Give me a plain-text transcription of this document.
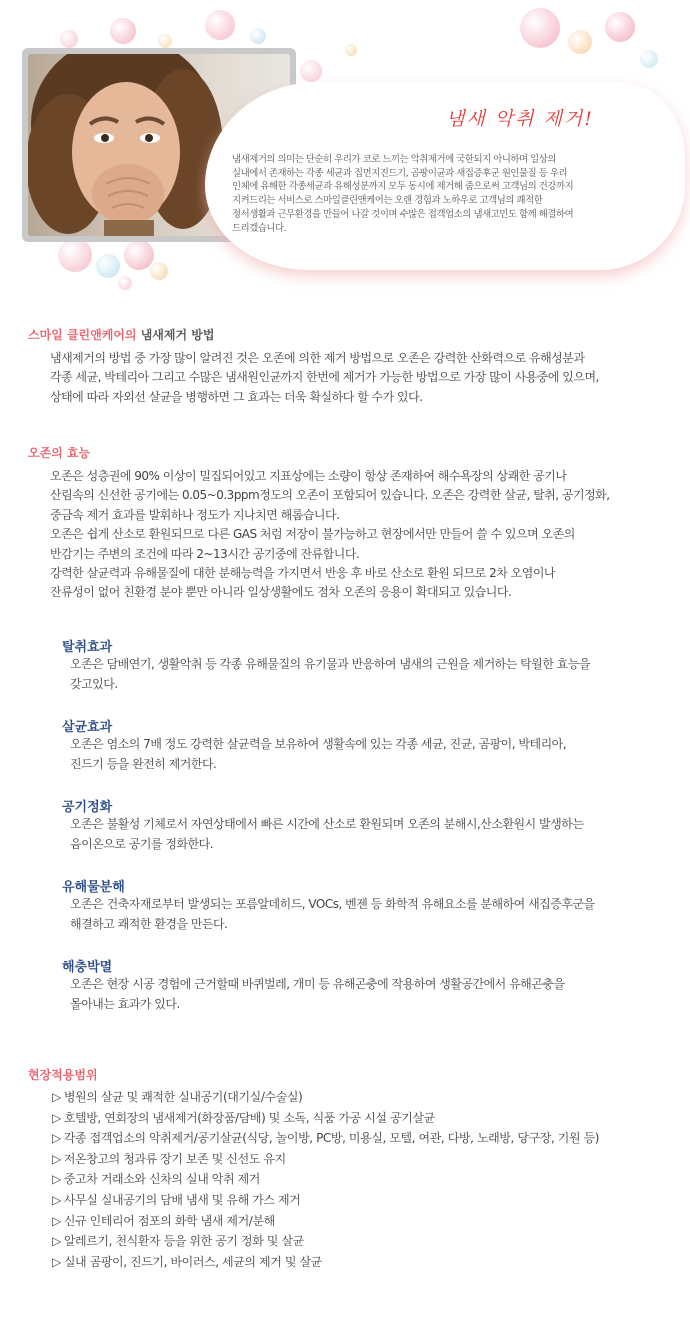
냄새 악취 제거!
냄새제거의 의미는 단순히 우리가 코로 느끼는 악취제거에 국한되지 아니하며 일상의
실내에서 존재하는 각종 세균과 집먼지진드기, 곰팡이균과 새집증후군 원인물질 등 우리
인체에 유해한 각종세균과 유해성분까지 모두 동시에 제거해 줌으로써 고객님의 건강까지
지켜드리는 서비스로 스마일클린앤케어는 오랜 경험과 노하우로 고객님의 쾌적한
정서생활과 근무환경을 만들어 나갈 것이며 수많은 접객업소의 냄새고민도 함께 해결하여
드리겠습니다.
스마일 클린앤케어의 냄새제거 방법
냄새제거의 방법 중 가장 많이 알려진 것은 오존에 의한 제거 방법으로 오존은 강력한 산화력으로 유해성분과
각종 세균, 박테리아 그리고 수많은 냄새원인균까지 한번에 제거가 가능한 방법으로 가장 많이 사용중에 있으며,
상태에 따라 자외선 살균을 병행하면 그 효과는 더욱 확실하다 할 수가 있다.
오존의 효능
오존은 성층권에 90% 이상이 밀집되어있고 지표상에는 소량이 항상 존재하여 해수욕장의 상쾌한 공기나
산림속의 신선한 공기에는 0.05~0.3ppm정도의 오존이 포함되어 있습니다. 오존은 강력한 살균, 탈취, 공기정화,
중금속 제거 효과를 발휘하나 정도가 지나치면 해롭습니다.
오존은 쉽게 산소로 환원되므로 다른 GAS 처럼 저장이 불가능하고 현장에서만 만들어 쓸 수 있으며 오존의
반감기는 주변의 조건에 따라 2~13시간 공기중에 잔류합니다.
강력한 살균력과 유해물질에 대한 분해능력을 가지면서 반응 후 바로 산소로 환원 되므로 2차 오염이나
잔류성이 없어 친환경 분야 뿐만 아니라 일상생활에도 점차 오존의 응용이 확대되고 있습니다.
탈취효과
오존은 담배연기, 생활악취 등 각종 유해물질의 유기물과 반응하여 냄새의 근원을 제거하는 탁월한 효능을
갖고있다.
살균효과
오존은 염소의 7배 정도 강력한 살균력을 보유하여 생활속에 있는 각종 세균, 진균, 곰팡이, 박테리아,
진드기 등을 완전히 제거한다.
공기정화
오존은 불활성 기체로서 자연상태에서 빠른 시간에 산소로 환원되며 오존의 분해시,산소환원시 발생하는
음이온으로 공기를 정화한다.
유해물분해
오존은 건축자재로부터 발생되는 포름알데히드, VOCs, 벤젠 등 화학적 유해요소를 분해하여 새집증후군을
해결하고 쾌적한 환경을 만든다.
해충박멸
오존은 현장 시공 경험에 근거할때 바퀴벌레, 개미 등 유해곤충에 작용하여 생활공간에서 유해곤충을
몰아내는 효과가 있다.
현장적용범위
▷ 병원의 살균 및 쾌적한 실내공기(대기실/수술실)
▷ 호텔방, 연회장의 냄새제거(화장품/담배) 및 소독, 식품 가공 시설 공기살균
▷ 각종 접객업소의 악취제거/공기살균(식당, 놀이방, PC방, 미용실, 모텔, 여관, 다방, 노래방, 당구장, 기원 등)
▷ 저온창고의 청과류 장기 보존 및 신선도 유지
▷ 중고차 거래소와 신차의 실내 악취 제거
▷ 사무실 실내공기의 담배 냄새 및 유해 가스 제거
▷ 신규 인테리어 점포의 화학 냄새 제거/분해
▷ 알레르기, 천식환자 등을 위한 공기 정화 및 살균
▷ 실내 곰팡이, 진드기, 바이러스, 세균의 제거 및 살균
